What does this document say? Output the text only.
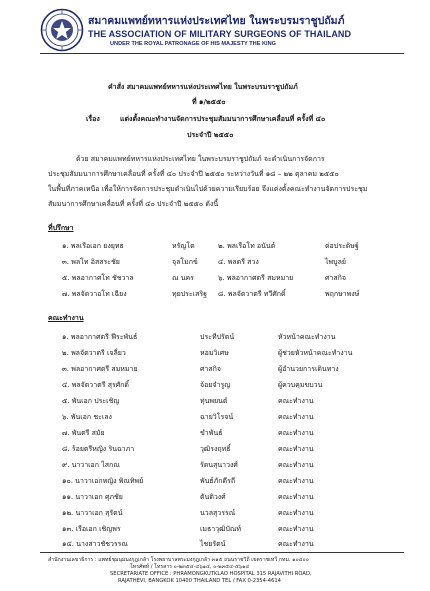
สมาคมแพทย์ทหารแห่งประเทศไทย ในพระบรมราชูปถัมภ์
THE ASSOCIATION OF MILITARY SURGEONS OF THAILAND
UNDER THE ROYAL PATRONAGE OF HIS MAJESTY THE KING
คำสั่ง สมาคมแพทย์ทหารแห่งประเทศไทย ในพระบรมราชูปถัมภ์
ที่ ๑/๒๕๕๐
เรื่อง	แต่งตั้งคณะทำงานจัดการประชุมสัมมนาการศึกษาเคลื่อนที่ ครั้งที่ ๔๐
ประจำปี ๒๕๕๐
ด้วย สมาคมแพทย์ทหารแห่งประเทศไทย ในพระบรมราชูปถัมภ์ จะดำเนินการจัดการ
ประชุมสัมมนาการศึกษาเคลื่อนที่ ครั้งที่ ๔๐ ประจำปี ๒๕๕๐ ระหว่างวันที่ ๑๘ – ๒๒ ตุลาคม ๒๕๕๐
ในพื้นที่ภาคเหนือ เพื่อให้การจัดการประชุมดำเนินไปด้วยความเรียบร้อย จึงแต่งตั้งคณะทำงานจัดการประชุม
สัมมนาการศึกษาเคลื่อนที่ ครั้งที่ ๔๐ ประจำปี ๒๕๕๐ ดังนี้
ที่ปรึกษา
๑. พลเรือเอก ยงยุทธ	หรัญโต	๒. พลเรือโท อนันต์	ต่อประดิษฐ์
๓. พลโท อิสสระชัย	จุลโมกข์	๔. พลตรี สวง	ไพบูลย์
๕. พลอากาศโท ชัชวาล	ณ นคร	๖. พลอากาศตรี สมหมาย	ศาสกิจ
๗. พลจัตวาอโท เฉียง	ทุยประเสริฐ ๘. พลจัตวาตรี ทวีศักดิ์	พฤกษาพงษ์
คณะทำงาน
๑. พลอากาศตรี ฟีระพันธ์	ประทีปรัตน์	หัวหน้าคณะทำงาน
๒. พลจัตวาตรี เจลี่ยว	หอมวิเศษ	ผู้ช่วยหัวหน้าคณะทำงาน
๓. พลอากาศตรี สมหมาย	ศาสกิจ	ผู้อำนวยการเดินทาง
๔. พลจัตวาตรี สุรศักดิ์	จ้อยจำรูญ	ผู้ควบคุมขบวน
๕. พันเอก ประเชิญ	ทุ่นพยนต์	คณะทำงาน
๖. พันเอก ชะเลง	ฉายวิโรจน์	คณะทำงาน
๗. พันตรี สมัย	ขำพันธ์	คณะทำงาน
๘. ร้อยตรีหญิง รินฉาภา	วุฒิรงฤทธิ์	คณะทำงาน
๙. นาวาเอก ไสกณ	รัตนสุนาวงศ์	คณะทำงาน
๑๐. นาวาเอกหญิง พิณทิพย์	พันธ์ภักดีรถี	คณะทำงาน
๑๑. นาวาเอก ศุภชัย	ตันติวงศ์	คณะทำงาน
๑๒. นาวาเอก สุรัตน์	นวลสุวรรณ์	คณะทำงาน
๑๓. เรือเอก เชิญพร	เมธาวุฒิบัณท์	คณะทำงาน
๑๔. นางสาวชัชวรรณ	ไชยรัตน์	คณะทำงาน
สำนักงานเลขาธิการ : แพทย์ชุมนุมมงกุฎเกล้า โรงพยาบาลพระมงกุฎเกล้า ๓๑๕ ถนนราชวิถี เขตราชเทวี กทม. ๑๐๔๐๐
โทรศัพท์ / โทรสาร ๐-๒๓๕๔-๔๖๑๔, ๐-๒๓๕๔-๕๖๑๔
SECRETARIATE OFFICE : PHRAMONGKUTKLAO HOSPITAL 315 RAJAVITHI ROAD,
RAJATHEVI, BANGKOK 10400 THAILAND TEL / FAX 0-2354-4614
